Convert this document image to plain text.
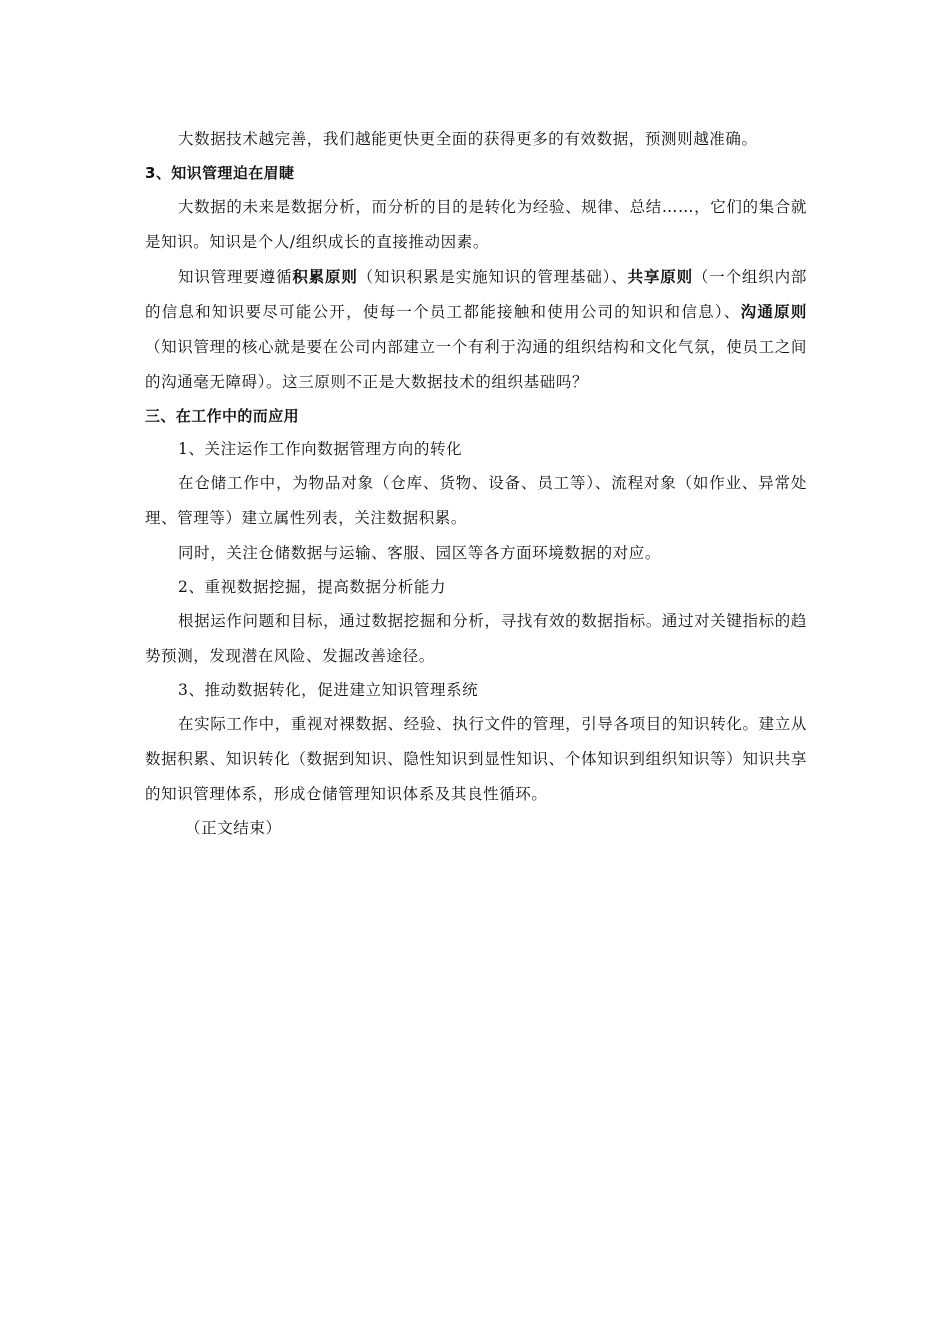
大数据技术越完善，我们越能更快更全面的获得更多的有效数据，预测则越准确。

3、知识管理迫在眉睫

大数据的未来是数据分析，而分析的目的是转化为经验、规律、总结……，它们的集合就是知识。知识是个人/组织成长的直接推动因素。

知识管理要遵循积累原则（知识积累是实施知识的管理基础）、共享原则（一个组织内部的信息和知识要尽可能公开，使每一个员工都能接触和使用公司的知识和信息）、沟通原则（知识管理的核心就是要在公司内部建立一个有利于沟通的组织结构和文化气氛，使员工之间的沟通毫无障碍）。这三原则不正是大数据技术的组织基础吗？

三、在工作中的而应用

1、关注运作工作向数据管理方向的转化

在仓储工作中，为物品对象（仓库、货物、设备、员工等）、流程对象（如作业、异常处理、管理等）建立属性列表，关注数据积累。

同时，关注仓储数据与运输、客服、园区等各方面环境数据的对应。

2、重视数据挖掘，提高数据分析能力

根据运作问题和目标，通过数据挖掘和分析，寻找有效的数据指标。通过对关键指标的趋势预测，发现潜在风险、发掘改善途径。

3、推动数据转化，促进建立知识管理系统

在实际工作中，重视对裸数据、经验、执行文件的管理，引导各项目的知识转化。建立从数据积累、知识转化（数据到知识、隐性知识到显性知识、个体知识到组织知识等）知识共享的知识管理体系，形成仓储管理知识体系及其良性循环。

（正文结束）
